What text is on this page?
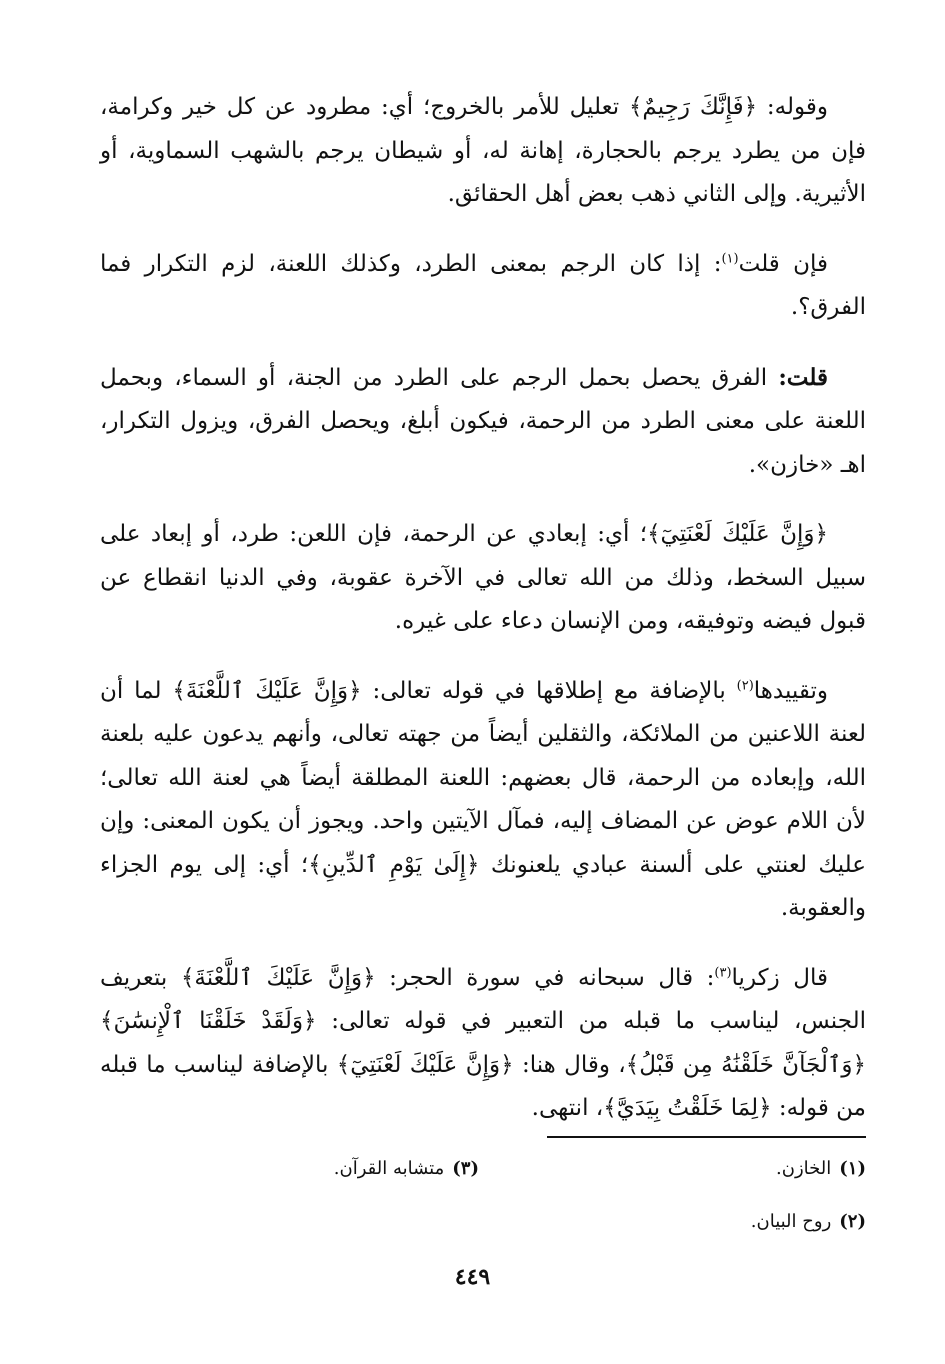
وقوله: ﴿فَإِنَّكَ رَجِيمٌ﴾ تعليل للأمر بالخروج؛ أي: مطرود عن كل خير وكرامة، فإن من يطرد يرجم بالحجارة، إهانة له، أو شيطان يرجم بالشهب السماوية، أو الأثيرية. وإلى الثاني ذهب بعض أهل الحقائق.

فإن قلت$^{(١)}$: إذا كان الرجم بمعنى الطرد، وكذلك اللعنة، لزم التكرار فما الفرق؟.

قلت: الفرق يحصل بحمل الرجم على الطرد من الجنة، أو السماء، وبحمل اللعنة على معنى الطرد من الرحمة، فيكون أبلغ، ويحصل الفرق، ويزول التكرار، اهـ «خازن».

﴿وَإِنَّ عَلَيْكَ لَعْنَتِيٓ﴾؛ أي: إبعادي عن الرحمة، فإن اللعن: طرد، أو إبعاد على سبيل السخط، وذلك من الله تعالى في الآخرة عقوبة، وفي الدنيا انقطاع عن قبول فيضه وتوفيقه، ومن الإنسان دعاء على غيره.

وتقييدها$^{(٢)}$ بالإضافة مع إطلاقها في قوله تعالى: ﴿وَإِنَّ عَلَيْكَ ٱللَّعْنَةَ﴾ لما أن لعنة اللاعنين من الملائكة، والثقلين أيضاً من جهته تعالى، وأنهم يدعون عليه بلعنة الله، وإبعاده من الرحمة، قال بعضهم: اللعنة المطلقة أيضاً هي لعنة الله تعالى؛ لأن اللام عوض عن المضاف إليه، فمآل الآيتين واحد. ويجوز أن يكون المعنى: وإن عليك لعنتي على ألسنة عبادي يلعنونك ﴿إِلَىٰ يَوْمِ ٱلدِّينِ﴾؛ أي: إلى يوم الجزاء والعقوبة.

قال زكريا$^{(٣)}$: قال سبحانه في سورة الحجر: ﴿وَإِنَّ عَلَيْكَ ٱللَّعْنَةَ﴾ بتعريف الجنس، ليناسب ما قبله من التعبير في قوله تعالى: ﴿وَلَقَدْ خَلَقْنَا ٱلْإِنسَٰنَ﴾ ﴿وَٱلْجَآنَّ خَلَقْنَٰهُ مِن قَبْلُ﴾، وقال هنا: ﴿وَإِنَّ عَلَيْكَ لَعْنَتِيٓ﴾ بالإضافة ليناسب ما قبله من قوله: ﴿لِمَا خَلَقْتُ بِيَدَيَّ﴾، انتهى.

(١)الخازن.
(٣)متشابه القرآن.
(٢)روح البيان.
٤٤٩
